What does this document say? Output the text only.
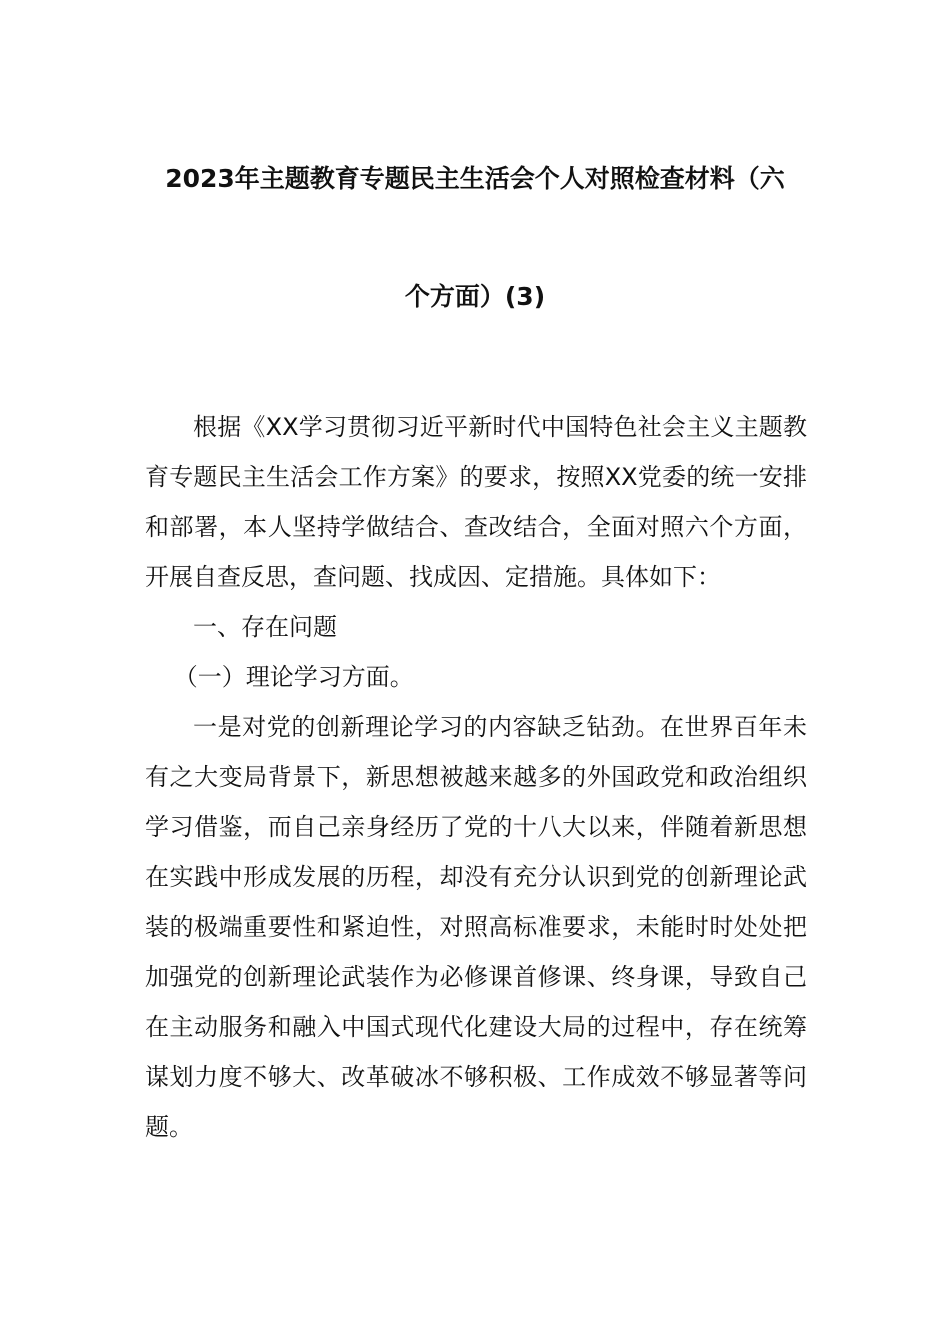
2023年主题教育专题民主生活会个人对照检查材料（六
个方面）(3)

根据《XX学习贯彻习近平新时代中国特色社会主义主题教育专题民主生活会工作方案》的要求，按照XX党委的统一安排和部署，本人坚持学做结合、查改结合，全面对照六个方面，开展自查反思，查问题、找成因、定措施。具体如下：

一、存在问题

（一）理论学习方面。

一是对党的创新理论学习的内容缺乏钻劲。在世界百年未有之大变局背景下，新思想被越来越多的外国政党和政治组织学习借鉴，而自己亲身经历了党的十八大以来，伴随着新思想在实践中形成发展的历程，却没有充分认识到党的创新理论武装的极端重要性和紧迫性，对照高标准要求，未能时时处处把加强党的创新理论武装作为必修课首修课、终身课，导致自己在主动服务和融入中国式现代化建设大局的过程中，存在统筹谋划力度不够大、改革破冰不够积极、工作成效不够显著等问题。
